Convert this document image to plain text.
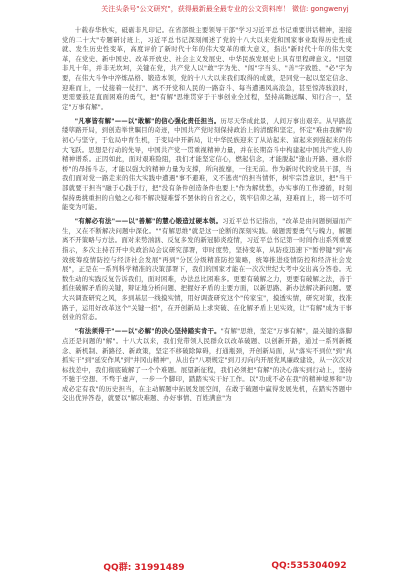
关注头条号"公文研究"，获得最新最全最专业的公文资料库！ 微信: gongwenyj

十载春华秋实，砥砺非凡印记。在省部级主要领导干部"学习习近平总书记重要讲话精神，迎接党的二十大"专题研讨班上，习近平总书记深刻阐述了党的十八大以来党和国家事业取得历史性成就、发生历史性变革，高度评价了新时代十年的伟大变革的重大意义，指出"新时代十年的伟大变革，在党史、新中国史、改革开放史、社会主义发展史、中华民族发展史上具有里程碑意义。"回望非凡十年，并非无坎坷，关键在党，共产党人以"敢"字为先、"闯"字当头、"善"字致胜、"必"字为要，在伟大斗争中淬炼品格、锻造本领，党的十八大以来我们取得的成就，是同党一起以坚定信念、迎难而上，一仗接着一仗打"、离不开党和人民的一路奋斗、每当遭遇风高浪急，甚至惊涛骇浪时，更需要鼓足直面困难的勇气，把"有解"思维贯穿于干事创业全过程，坚持高瞻远瞩、知行合一，坚定"万事有解"。

"凡事皆有解"——以"敢解"的信心强化责任担当。历尽天华成此景，人间万事出艰辛。从早路蓝缕筚路开局，到创造举世瞩目的奇迹，中国共产党时刻保持政治上的清醒和坚定，怀定"难由我解"的初心与坚守，于危局中育生机，于变局中开新局，让中华民族迎来了从站起来、富起来到强起来的伟大飞跃。思想是行动的先导，中国共产党一贯重视精神力量，并在长期奋斗中构建起中国共产党人的精神谱系。正因如此，面对艰难险阻，我们才能坚定信心，燃起信念，才能脱起"逢山开路、遇水搭桥"的昂扬斗志，才能以强大的精神力量为支撑，所向披靡，一往无前。作为新时代的党员干部，当我们面对党一路走来的伟大实践中遭遇"事不避难，义不逃责"的担当情怀，树牢宗旨意识，把"当干部就要干担当"融于心践于行，把"没有条件创造条件也要上"作为解忧愁，办实事的工作遵循，时刻保持勇挑重担的自勉之心和不解决疑难誓不罢休的自省之心，筑牢信仰之基，迎难而上，将一切不可能变为可能。

"有解必有法"——以"善解"的慧心锻造过硬本领。习近平总书记指出，"改革是由问题倒逼而产生，又在不断解决问题中深化。""有解思维"就是这一论断的深刻实践。破题需要勇气与魄力，解题离不开策略与方法。面对来势汹汹、反复多发的新冠肺炎疫情，习近平总书记第一时间作出系列重要指示，多次主持召开中央政治局会议研究部署，审时度势，坚持变革，从防疫迅速下"暂停键"到"高效统筹疫情防控与经济社会发展"再到"分区分级精准防控策略，统筹推进疫情防控和经济社会发展"，正是在一系列科学精准的决策部署下，我们的国家才能在一次次世纪大考中交出高分答卷。无数生动的实践反复告诉我们，面对困难，办法总比困难多。更要有破解之力，更要有破解之法，善于抓住破解矛盾的关键，辩证地分析问题、把握好矛盾的主要方面，以新思路、新办法解决新问题。要大兴调查研究之风，多到基层一线摸实情，用好调查研究这个"传家宝"，摸透实情，研究对策，找准路子，运用好改革这个"关键一招"，在开创新局上求突破、在化解矛盾上见实效，让"有解"成为干事创业的常态。

"有法须得干"——以"必解"的决心坚持踏实肯干。"有解"思维，坚定"万事有解"，最关键的落脚点还是问题的"解"。十八大以来，我们党带领人民群众以改革破题、以创新开路，通过一系列新概念、新机制、新路径、新政策，坚定不移破除障碍，打通瓶颈，开创新局面，从"落实不到位"到"真抓实干"到"延安作风"到"井冈山精神"，从出台"八项规定"到刀刃向内开展党风廉政建设，从一次次对标找差中，我们彻底破解了一个个难题。展望新征程，我们必须把"有解"的决心落实到行动上，坚持不驰于空想、不骛于虚声，一步一个脚印，踏踏实实干好工作。以"功成不必在我"的精神境界和"功成必定有我"的历史担当，在主动解题中拓展发展空间，在敢于破题中赢得发展先机，在踏实答题中交出优异答卷，就要以"解决难题、办好事情、百姓满意"为

QQ群: 31991489	QQ:535304092
